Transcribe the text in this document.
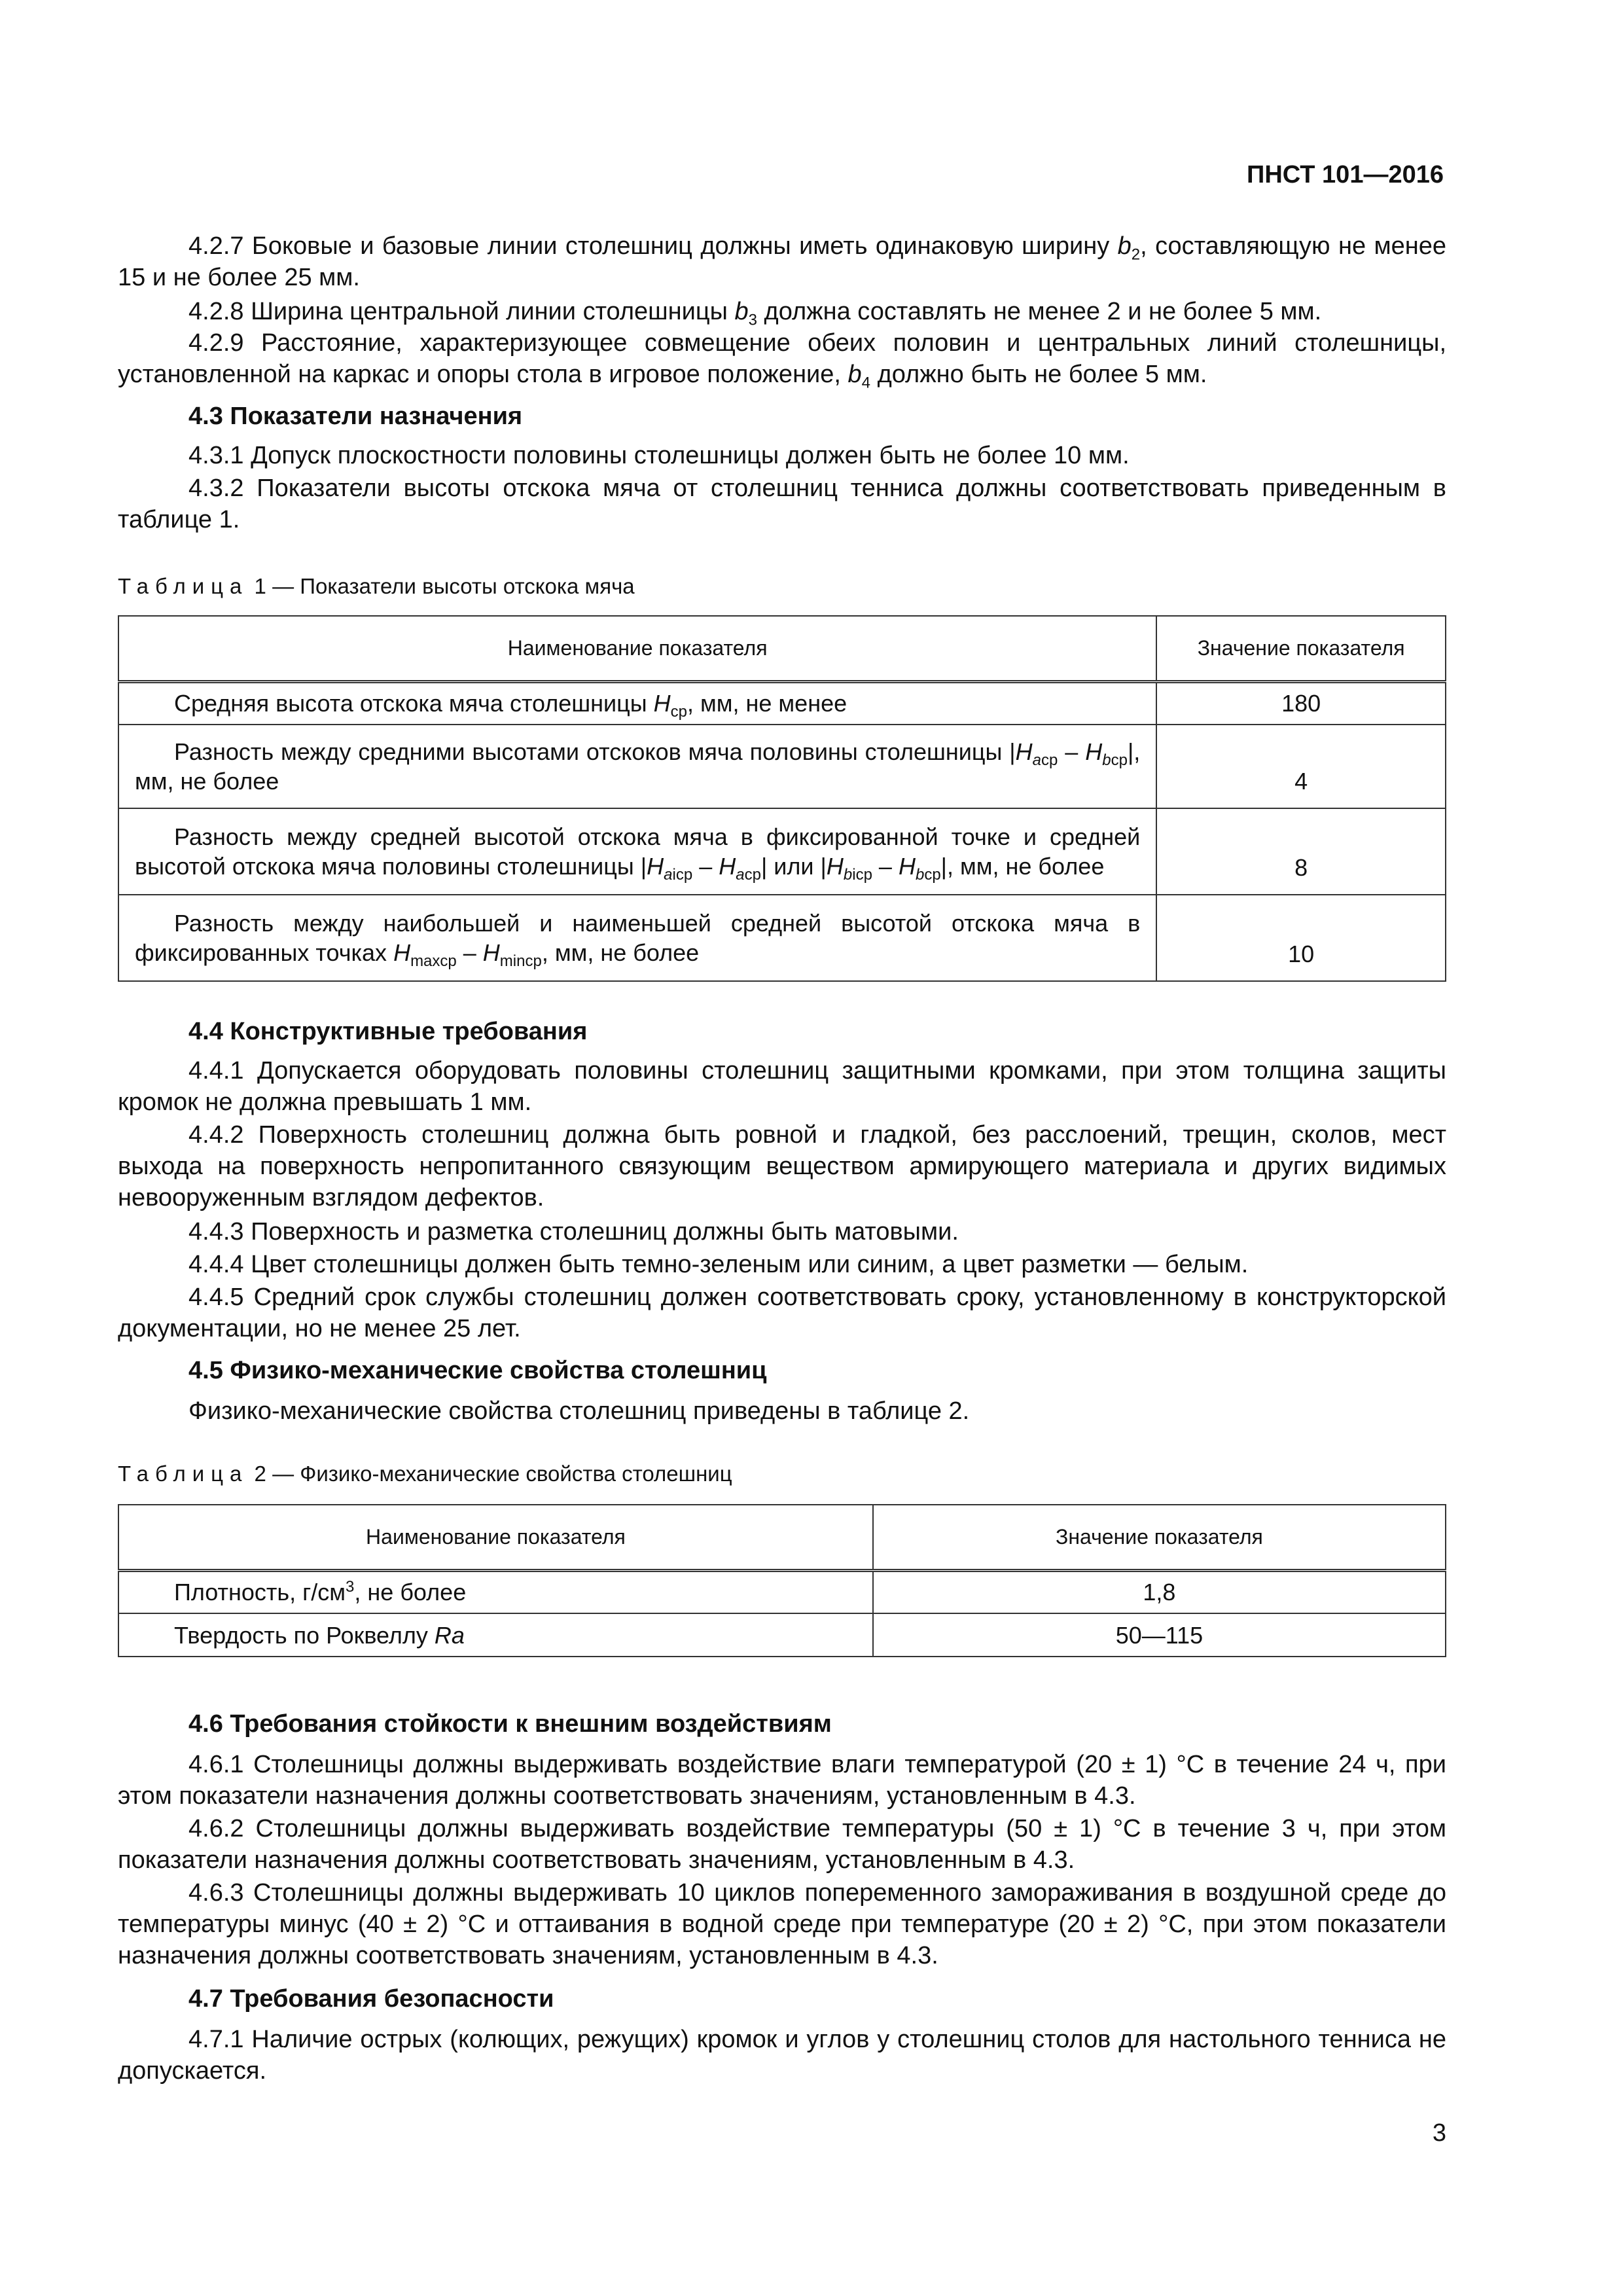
ПНСТ 101—2016
4.2.7 Боковые и базовые линии столешниц должны иметь одинаковую ширину $b_2$, составляющую не менее 15 и не более 25 мм.
4.2.8 Ширина центральной линии столешницы $b_3$ должна составлять не менее 2 и не более 5 мм.
4.2.9 Расстояние, характеризующее совмещение обеих половин и центральных линий столешницы, установленной на каркас и опоры стола в игровое положение, $b_4$ должно быть не более 5 мм.
4.3 Показатели назначения
4.3.1 Допуск плоскостности половины столешницы должен быть не более 10 мм.
4.3.2 Показатели высоты отскока мяча от столешниц тенниса должны соответствовать приведенным в таблице 1.
Таблица 1 — Показатели высоты отскока мяча
Наименование показателя	Значение показателя
Средняя высота отскока мяча столешницы $H_{ср}$, мм, не менее	180
Разность между средними высотами отскоков мяча половины столешницы $|H_{aср} - H_{bср}|$, мм, не более	4
Разность между средней высотой отскока мяча в фиксированной точке и средней высотой отскока мяча половины столешницы $|H_{aiср} - H_{aср}|$ или $|H_{biср} - H_{bср}|$, мм, не более	8
Разность между наибольшей и наименьшей средней высотой отскока мяча в фиксированных точках $H_{maxср} - H_{minср}$, мм, не более	10
4.4 Конструктивные требования
4.4.1 Допускается оборудовать половины столешниц защитными кромками, при этом толщина защиты кромок не должна превышать 1 мм.
4.4.2 Поверхность столешниц должна быть ровной и гладкой, без расслоений, трещин, сколов, мест выхода на поверхность непропитанного связующим веществом армирующего материала и других видимых невооруженным взглядом дефектов.
4.4.3 Поверхность и разметка столешниц должны быть матовыми.
4.4.4 Цвет столешницы должен быть темно-зеленым или синим, а цвет разметки — белым.
4.4.5 Средний срок службы столешниц должен соответствовать сроку, установленному в конструкторской документации, но не менее 25 лет.
4.5 Физико-механические свойства столешниц
Физико-механические свойства столешниц приведены в таблице 2.
Таблица 2 — Физико-механические свойства столешниц
Наименование показателя	Значение показателя
Плотность, $г/см^3$, не более	1,8
Твердость по Роквеллу Ra	50—115
4.6 Требования стойкости к внешним воздействиям
4.6.1 Столешницы должны выдерживать воздействие влаги температурой (20 ± 1) °С в течение 24 ч, при этом показатели назначения должны соответствовать значениям, установленным в 4.3.
4.6.2 Столешницы должны выдерживать воздействие температуры (50 ± 1) °С в течение 3 ч, при этом показатели назначения должны соответствовать значениям, установленным в 4.3.
4.6.3 Столешницы должны выдерживать 10 циклов попеременного замораживания в воздушной среде до температуры минус (40 ± 2) °С и оттаивания в водной среде при температуре (20 ± 2) °С, при этом показатели назначения должны соответствовать значениям, установленным в 4.3.
4.7 Требования безопасности
4.7.1 Наличие острых (колющих, режущих) кромок и углов у столешниц столов для настольного тенниса не допускается.
3
